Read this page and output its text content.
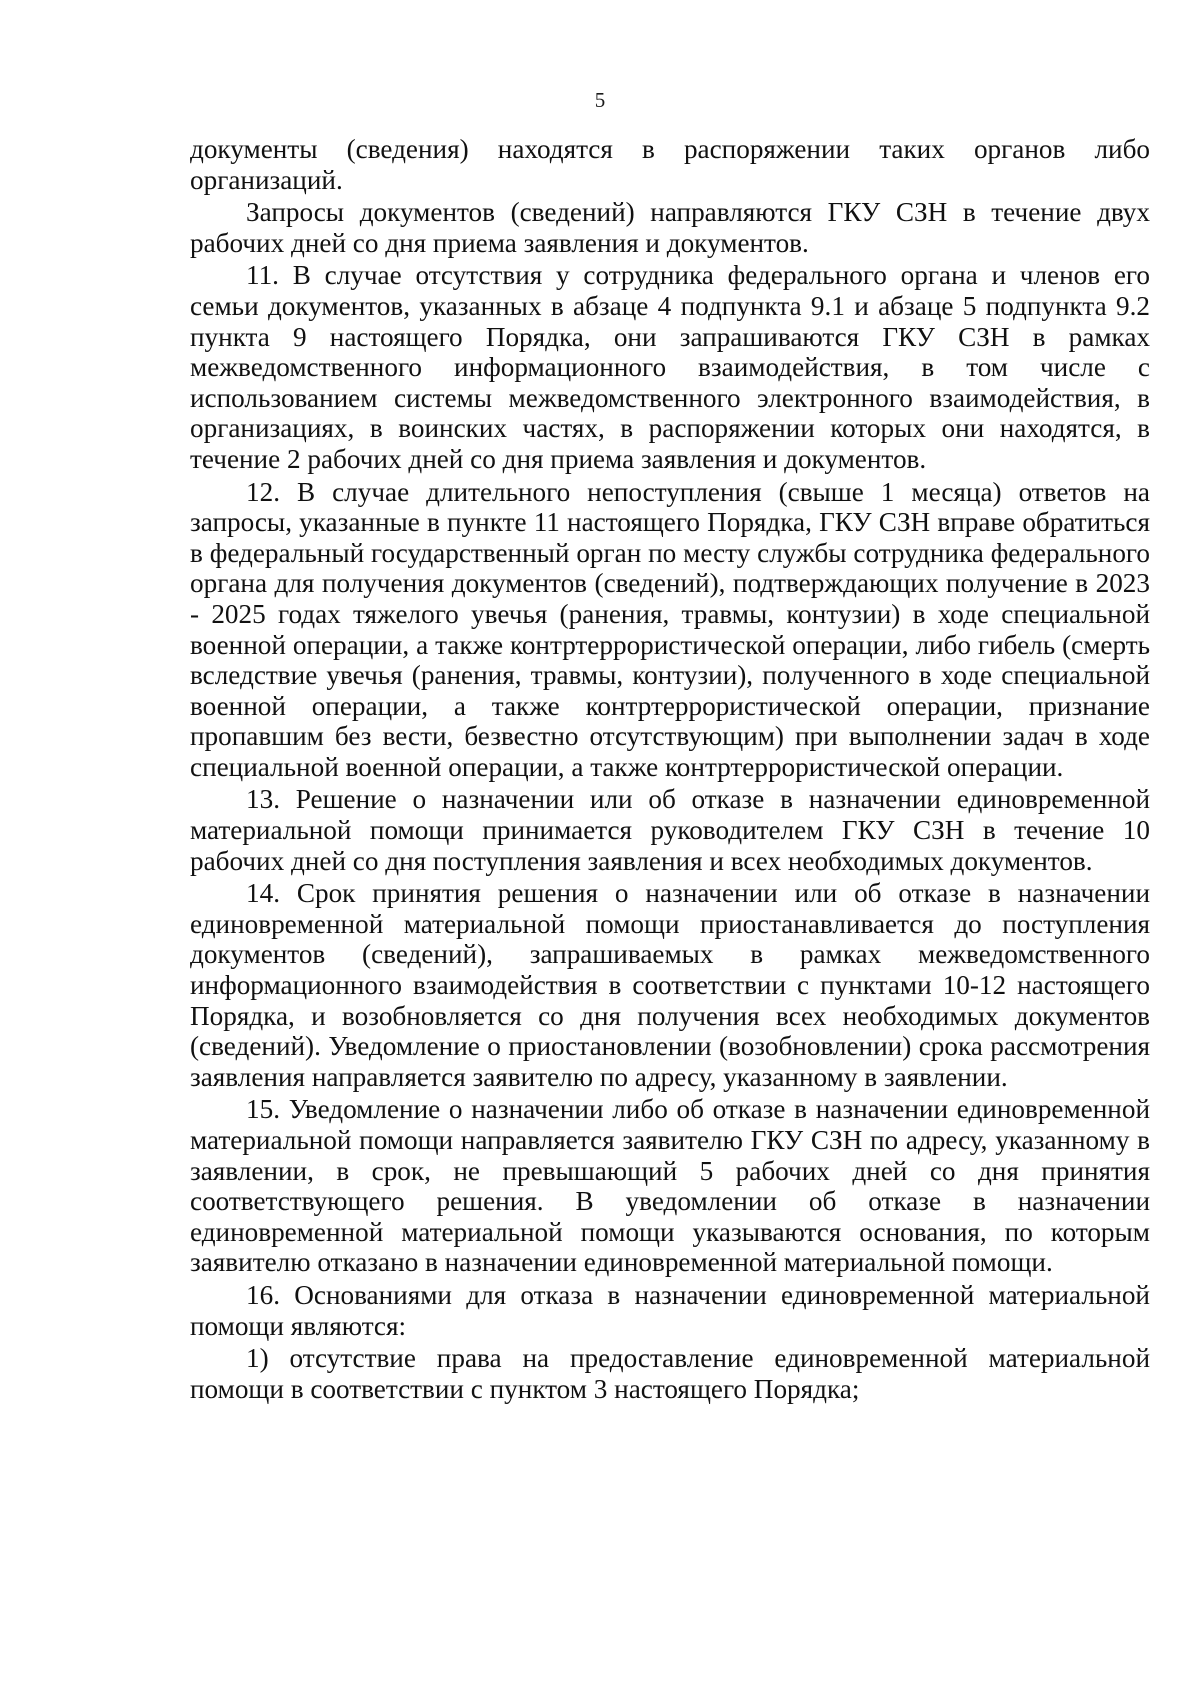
5

документы (сведения) находятся в распоряжении таких органов либо организаций.

Запросы документов (сведений) направляются ГКУ СЗН в течение двух рабочих дней со дня приема заявления и документов.

11. В случае отсутствия у сотрудника федерального органа и членов его семьи документов, указанных в абзаце 4 подпункта 9.1 и абзаце 5 подпункта 9.2 пункта 9 настоящего Порядка, они запрашиваются ГКУ СЗН в рамках межведомственного информационного взаимодействия, в том числе с использованием системы межведомственного электронного взаимодействия, в организациях, в воинских частях, в распоряжении которых они находятся, в течение 2 рабочих дней со дня приема заявления и документов.

12. В случае длительного непоступления (свыше 1 месяца) ответов на запросы, указанные в пункте 11 настоящего Порядка, ГКУ СЗН вправе обратиться в федеральный государственный орган по месту службы сотрудника федерального органа для получения документов (сведений), подтверждающих получение в 2023 - 2025 годах тяжелого увечья (ранения, травмы, контузии) в ходе специальной военной операции, а также контртеррористической операции, либо гибель (смерть вследствие увечья (ранения, травмы, контузии), полученного в ходе специальной военной операции, а также контртеррористической операции, признание пропавшим без вести, безвестно отсутствующим) при выполнении задач в ходе специальной военной операции, а также контртеррористической операции.

13. Решение о назначении или об отказе в назначении единовременной материальной помощи принимается руководителем ГКУ СЗН в течение 10 рабочих дней со дня поступления заявления и всех необходимых документов.

14. Срок принятия решения о назначении или об отказе в назначении единовременной материальной помощи приостанавливается до поступления документов (сведений), запрашиваемых в рамках межведомственного информационного взаимодействия в соответствии с пунктами 10-12 настоящего Порядка, и возобновляется со дня получения всех необходимых документов (сведений). Уведомление о приостановлении (возобновлении) срока рассмотрения заявления направляется заявителю по адресу, указанному в заявлении.

15. Уведомление о назначении либо об отказе в назначении единовременной материальной помощи направляется заявителю ГКУ СЗН по адресу, указанному в заявлении, в срок, не превышающий 5 рабочих дней со дня принятия соответствующего решения. В уведомлении об отказе в назначении единовременной материальной помощи указываются основания, по которым заявителю отказано в назначении единовременной материальной помощи.

16. Основаниями для отказа в назначении единовременной материальной помощи являются:

1) отсутствие права на предоставление единовременной материальной помощи в соответствии с пунктом 3 настоящего Порядка;
